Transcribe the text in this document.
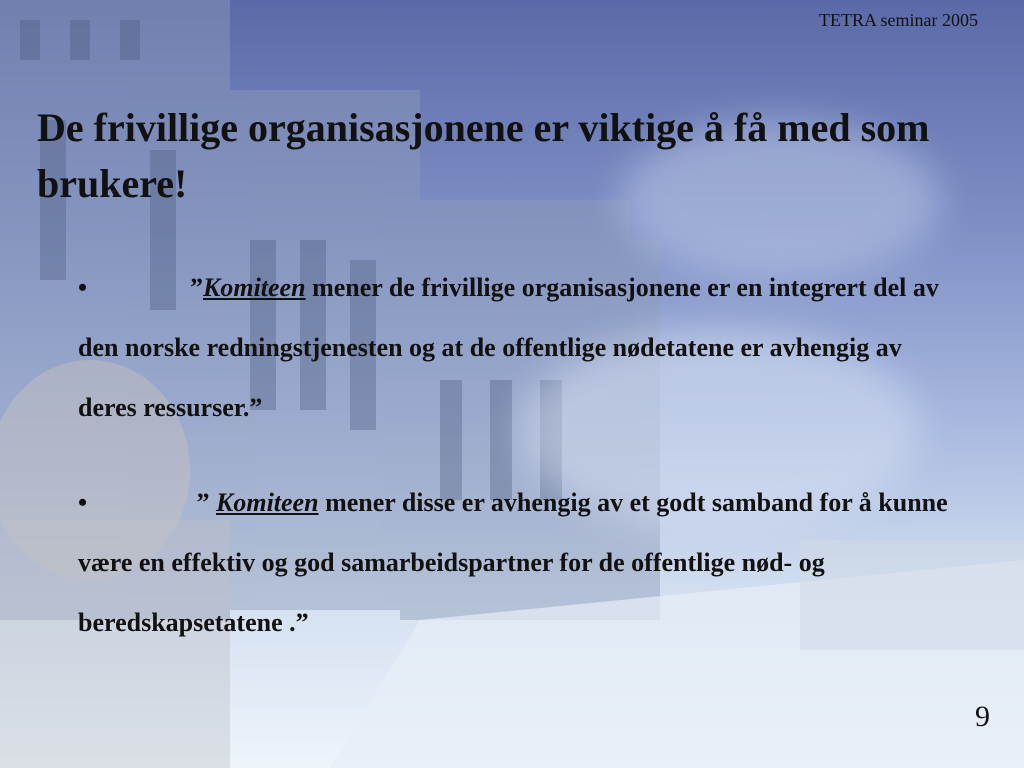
TETRA seminar 2005
De frivillige organisasjonene er viktige å få med som brukere!
•	”Komiteen mener de frivillige organisasjonene er en integrert del av den norske redningstjenesten og at de offentlige nødetatene er avhengig av deres ressurser.”
•	” Komiteen mener disse er avhengig av et godt samband for å kunne være en effektiv og god samarbeidspartner for de offentlige nød- og beredskapsetatene .”
9
